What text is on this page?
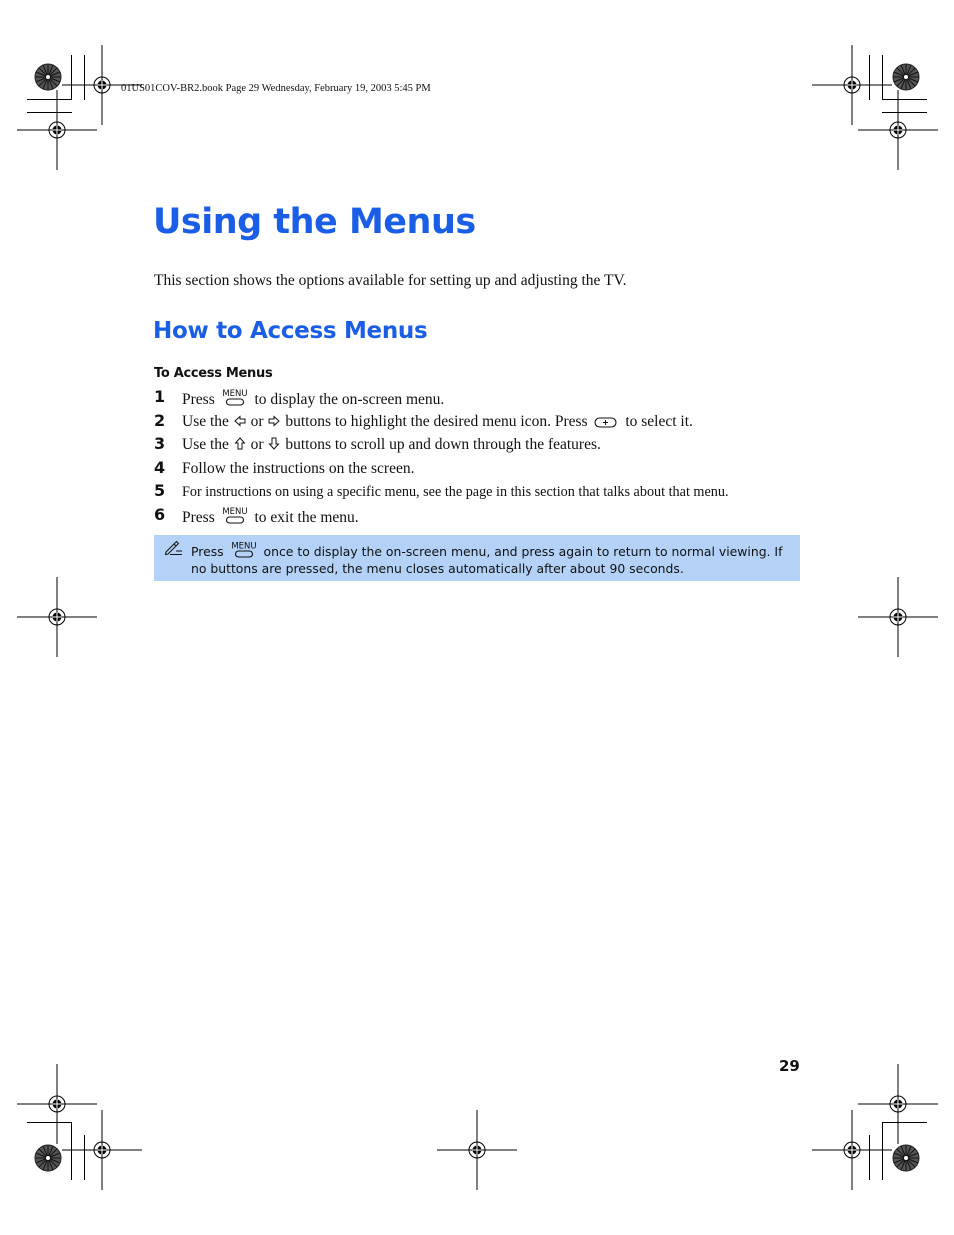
01US01COV-BR2.book Page 29 Wednesday, February 19, 2003 5:45 PM
Using the Menus
This section shows the options available for setting up and adjusting the TV.
How to Access Menus
To Access Menus
1	Press MENU to display the on-screen menu.
2	Use the or buttons to highlight the desired menu icon. Press to select it.
3	Use the or buttons to scroll up and down through the features.
4	Follow the instructions on the screen.
5	For instructions on using a specific menu, see the page in this section that talks about that menu.
6	Press MENU to exit the menu.
Press MENU once to display the on-screen menu, and press again to return to normal viewing. If no buttons are pressed, the menu closes automatically after about 90 seconds.
29
